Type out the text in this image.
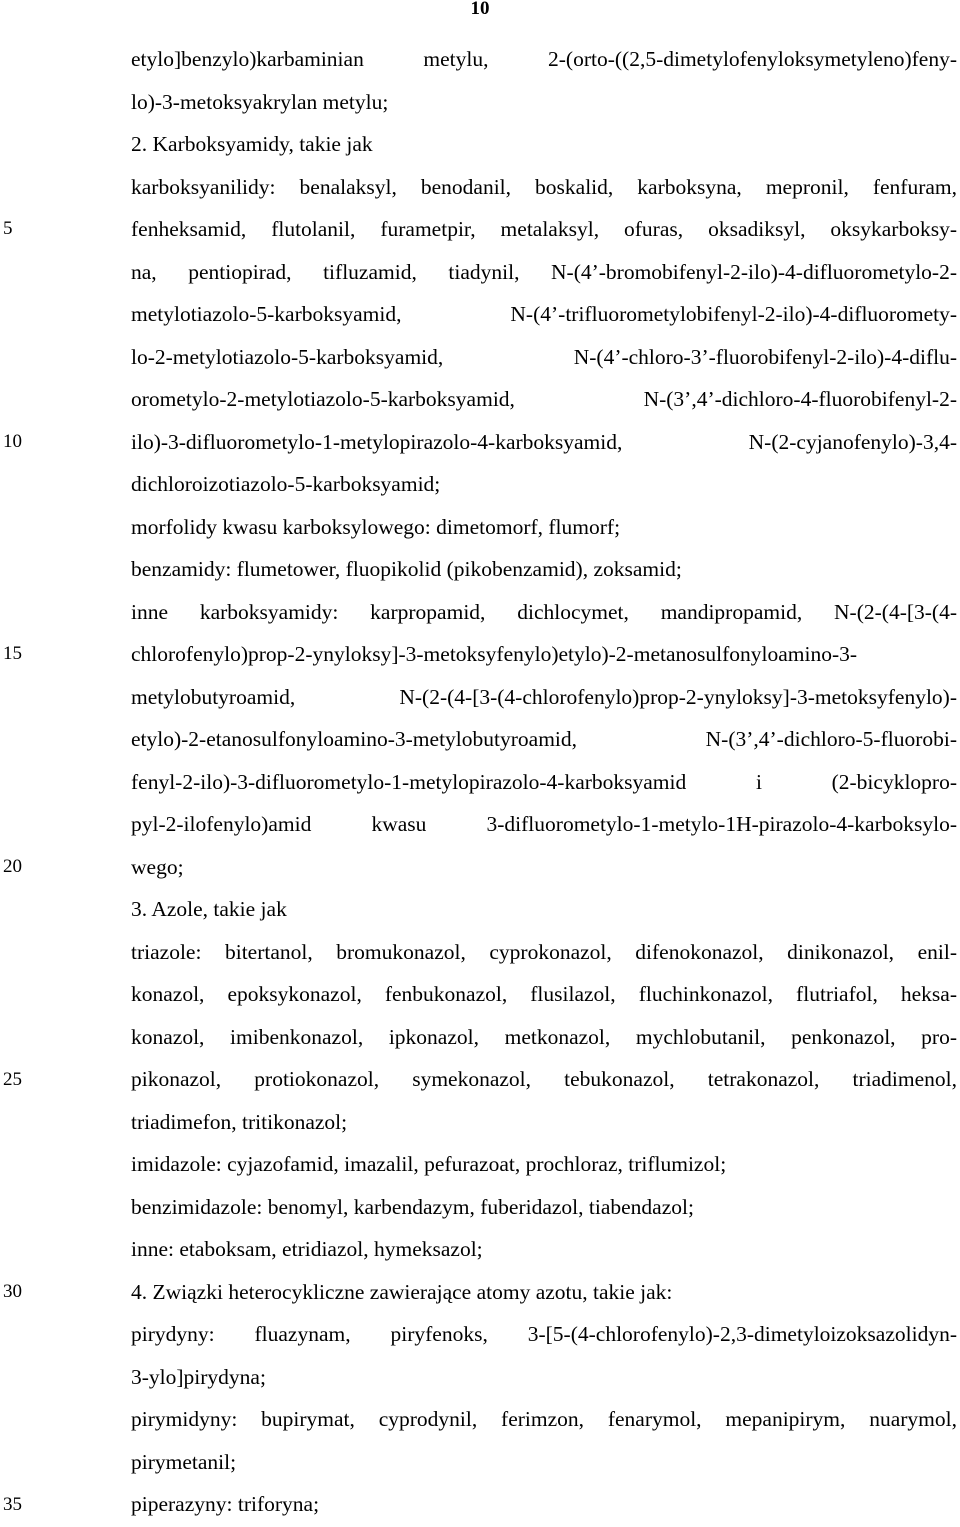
10
5
10
15
20
25
30
35
etylo]benzylo)karbaminian metylu, 2-(orto-((2,5-dimetylofenyloksymetyleno)feny-
lo)-3-metoksyakrylan metylu;
2. Karboksyamidy, takie jak
karboksyanilidy: benalaksyl, benodanil, boskalid, karboksyna, mepronil, fenfuram,
fenheksamid, flutolanil, furametpir, metalaksyl, ofuras, oksadiksyl, oksykarboksy-
na, pentiopirad, tifluzamid, tiadynil, N-(4’-bromobifenyl-2-ilo)-4-difluorometylo-2-
metylotiazolo-5-karboksyamid, N-(4’-trifluorometylobifenyl-2-ilo)-4-difluoromety-
lo-2-metylotiazolo-5-karboksyamid, N-(4’-chloro-3’-fluorobifenyl-2-ilo)-4-diflu-
orometylo-2-metylotiazolo-5-karboksyamid, N-(3’,4’-dichloro-4-fluorobifenyl-2-
ilo)-3-difluorometylo-1-metylopirazolo-4-karboksyamid, N-(2-cyjanofenylo)-3,4-
dichloroizotiazolo-5-karboksyamid;
morfolidy kwasu karboksylowego: dimetomorf, flumorf;
benzamidy: flumetower, fluopikolid (pikobenzamid), zoksamid;
inne karboksyamidy: karpropamid, dichlocymet, mandipropamid, N-(2-(4-[3-(4-
chlorofenylo)prop-2-ynyloksy]-3-metoksyfenylo)etylo)-2-metanosulfonyloamino-3-
metylobutyroamid, N-(2-(4-[3-(4-chlorofenylo)prop-2-ynyloksy]-3-metoksyfenylo)-
etylo)-2-etanosulfonyloamino-3-metylobutyroamid, N-(3’,4’-dichloro-5-fluorobi-
fenyl-2-ilo)-3-difluorometylo-1-metylopirazolo-4-karboksyamid i (2-bicyklopro-
pyl-2-ilofenylo)amid kwasu 3-difluorometylo-1-metylo-1H-pirazolo-4-karboksylo-
wego;
3. Azole, takie jak
triazole: bitertanol, bromukonazol, cyprokonazol, difenokonazol, dinikonazol, enil-
konazol, epoksykonazol, fenbukonazol, flusilazol, fluchinkonazol, flutriafol, heksa-
konazol, imibenkonazol, ipkonazol, metkonazol, mychlobutanil, penkonazol, pro-
pikonazol, protiokonazol, symekonazol, tebukonazol, tetrakonazol, triadimenol,
triadimefon, tritikonazol;
imidazole: cyjazofamid, imazalil, pefurazoat, prochloraz, triflumizol;
benzimidazole: benomyl, karbendazym, fuberidazol, tiabendazol;
inne: etaboksam, etridiazol, hymeksazol;
4. Związki heterocykliczne zawierające atomy azotu, takie jak:
pirydyny: fluazynam, piryfenoks, 3-[5-(4-chlorofenylo)-2,3-dimetyloizoksazolidyn-
3-ylo]pirydyna;
pirymidyny: bupirymat, cyprodynil, ferimzon, fenarymol, mepanipirym, nuarymol,
pirymetanil;
piperazyny: triforyna;
